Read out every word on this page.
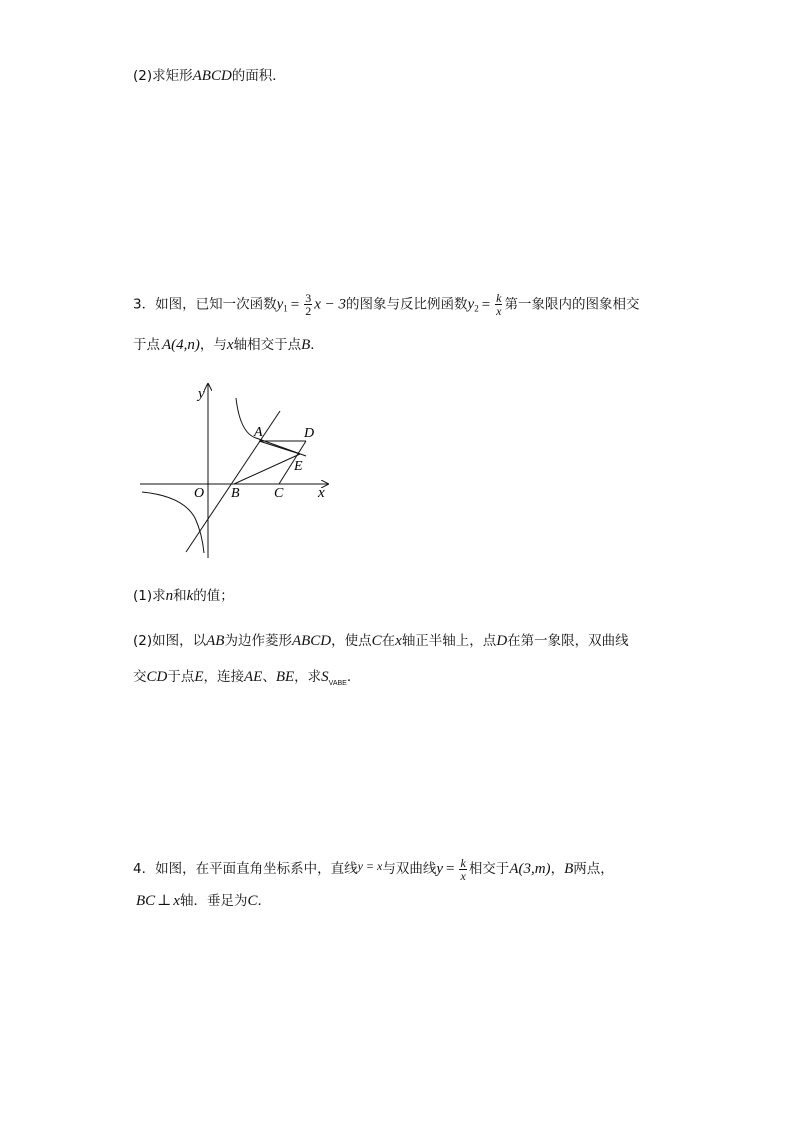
(2)求矩形ABCD的面积．
3．如图，已知一次函数$y_1 = \frac{3}{2}$ x − 3的图象与反比例函数$y_2 = \frac{k}{x}$ 第一象限内的图象相交
于点 A(4,n)，与x轴相交于点B．
y
x
O B C
A	D
E
(1)求n和k的值；
(2)如图，以AB为边作菱形ABCD，使点C在x轴正半轴上，点D在第一象限，双曲线
交CD于点E，连接AE、BE，求$S_{VABE}$．
4．如图，在平面直角坐标系中，直线y = x与双曲线$y = \frac{k}{x}$ 相交于A(3,m)，B两点，
BC ⊥ x轴．垂足为C．
